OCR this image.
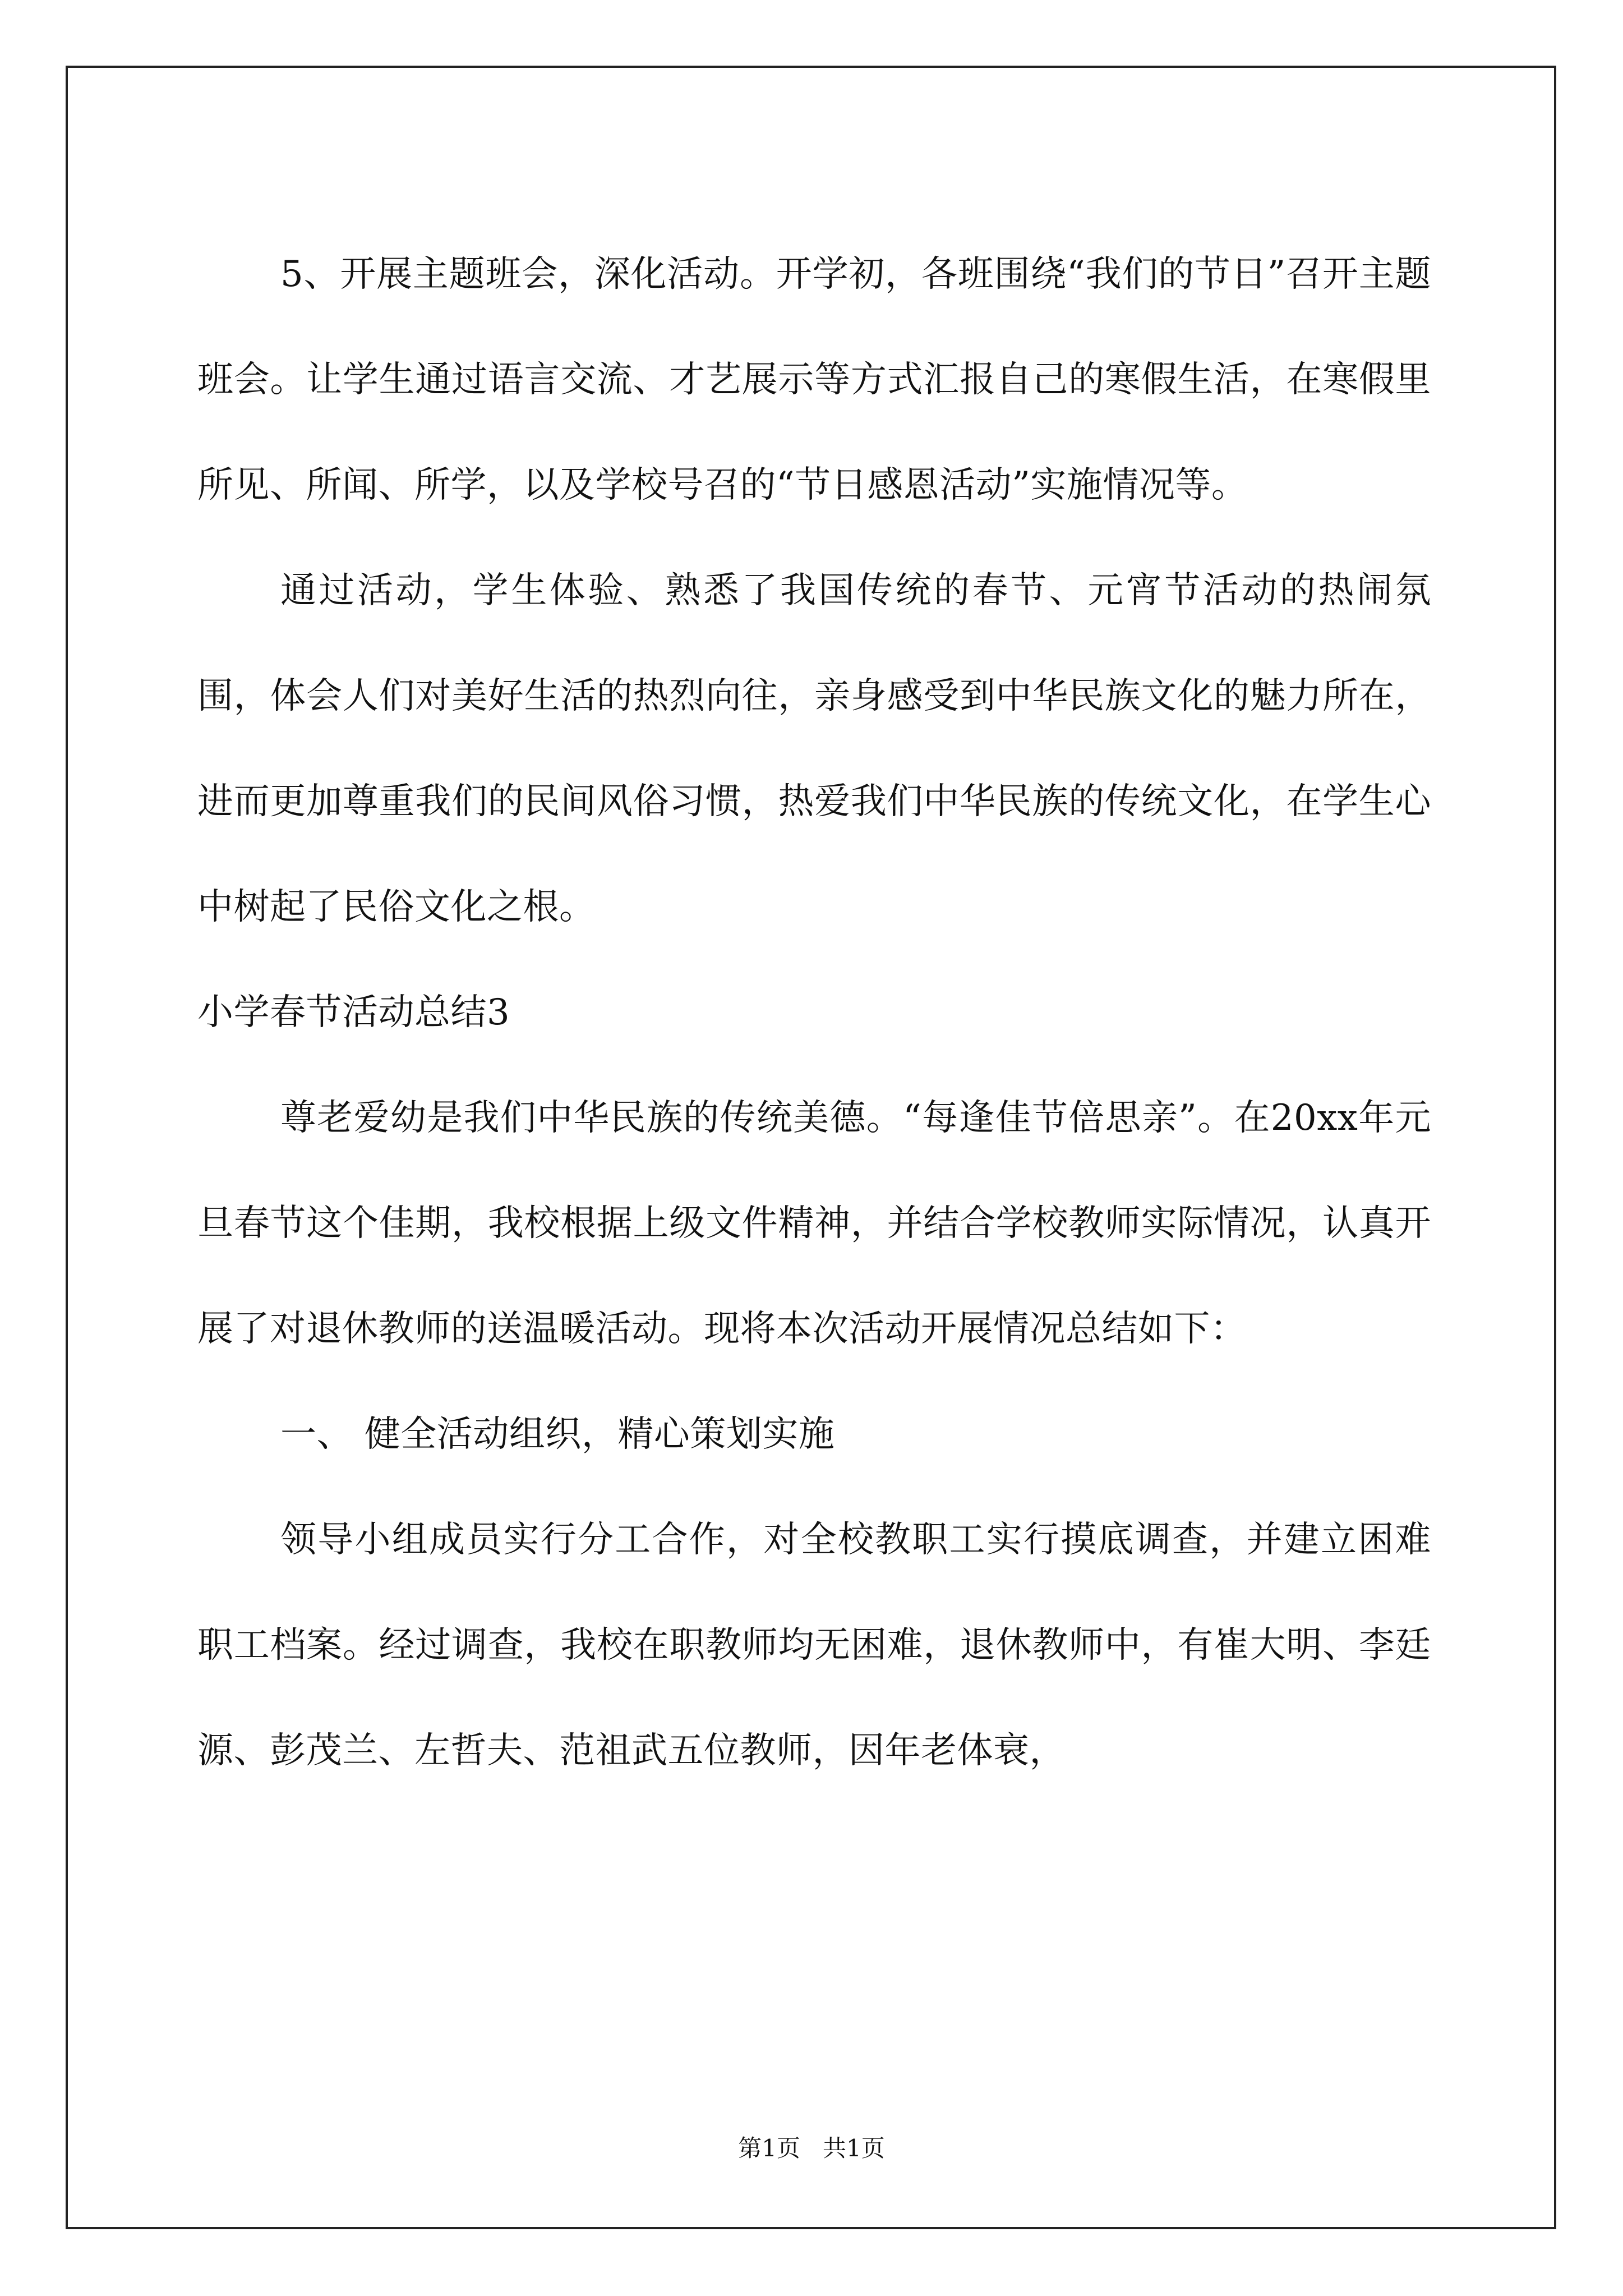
5、开展主题班会，深化活动。开学初，各班围绕“我们的节日”召开主题班会。让学生通过语言交流、才艺展示等方式汇报自己的寒假生活，在寒假里所见、所闻、所学，以及学校号召的“节日感恩活动”实施情况等。

通过活动，学生体验、熟悉了我国传统的春节、元宵节活动的热闹氛围，体会人们对美好生活的热烈向往，亲身感受到中华民族文化的魅力所在，进而更加尊重我们的民间风俗习惯，热爱我们中华民族的传统文化，在学生心中树起了民俗文化之根。

小学春节活动总结3

尊老爱幼是我们中华民族的传统美德。“每逢佳节倍思亲”。在20xx年元旦春节这个佳期，我校根据上级文件精神，并结合学校教师实际情况，认真开展了对退休教师的送温暖活动。现将本次活动开展情况总结如下：

一、 健全活动组织，精心策划实施

领导小组成员实行分工合作，对全校教职工实行摸底调查，并建立困难职工档案。经过调查，我校在职教师均无困难，退休教师中，有崔大明、李廷源、彭茂兰、左哲夫、范祖武五位教师，因年老体衰，

第1页   共1页
